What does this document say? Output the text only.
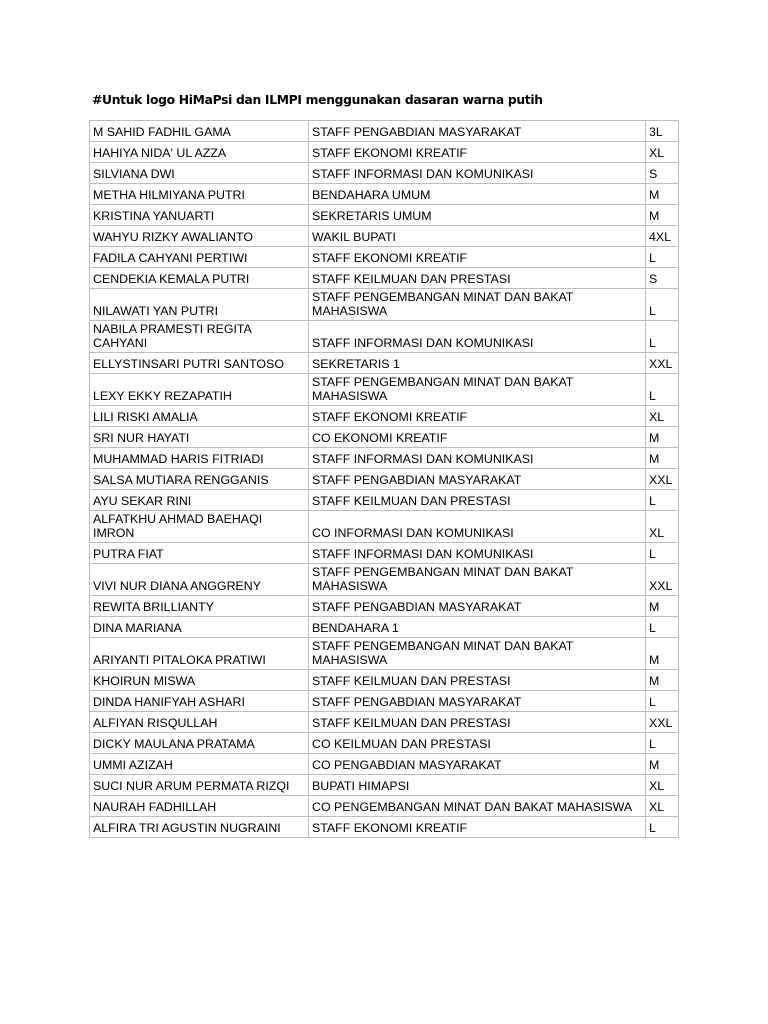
#Untuk logo HiMaPsi dan ILMPI menggunakan dasaran warna putih
M SAHID FADHIL GAMA	STAFF PENGABDIAN MASYARAKAT	3L
HAHIYA NIDA' UL AZZA	STAFF EKONOMI KREATIF	XL
SILVIANA DWI	STAFF INFORMASI DAN KOMUNIKASI	S
METHA HILMIYANA PUTRI	BENDAHARA UMUM	M
KRISTINA YANUARTI	SEKRETARIS UMUM	M
WAHYU RIZKY AWALIANTO	WAKIL BUPATI	4XL
FADILA CAHYANI PERTIWI	STAFF EKONOMI KREATIF	L
CENDEKIA KEMALA PUTRI	STAFF KEILMUAN DAN PRESTASI	S
NILAWATI YAN PUTRI	STAFF PENGEMBANGAN MINAT DAN BAKAT MAHASISWA	L
NABILA PRAMESTI REGITA CAHYANI	STAFF INFORMASI DAN KOMUNIKASI	L
ELLYSTINSARI PUTRI SANTOSO	SEKRETARIS 1	XXL
LEXY EKKY REZAPATIH	STAFF PENGEMBANGAN MINAT DAN BAKAT MAHASISWA	L
LILI RISKI AMALIA	STAFF EKONOMI KREATIF	XL
SRI NUR HAYATI	CO EKONOMI KREATIF	M
MUHAMMAD HARIS FITRIADI	STAFF INFORMASI DAN KOMUNIKASI	M
SALSA MUTIARA RENGGANIS	STAFF PENGABDIAN MASYARAKAT	XXL
AYU SEKAR RINI	STAFF KEILMUAN DAN PRESTASI	L
ALFATKHU AHMAD BAEHAQI IMRON	CO INFORMASI DAN KOMUNIKASI	XL
PUTRA FIAT	STAFF INFORMASI DAN KOMUNIKASI	L
VIVI NUR DIANA ANGGRENY	STAFF PENGEMBANGAN MINAT DAN BAKAT MAHASISWA	XXL
REWITA BRILLIANTY	STAFF PENGABDIAN MASYARAKAT	M
DINA MARIANA	BENDAHARA 1	L
ARIYANTI PITALOKA PRATIWI	STAFF PENGEMBANGAN MINAT DAN BAKAT MAHASISWA	M
KHOIRUN MISWA	STAFF KEILMUAN DAN PRESTASI	M
DINDA HANIFYAH ASHARI	STAFF PENGABDIAN MASYARAKAT	L
ALFIYAN RISQULLAH	STAFF KEILMUAN DAN PRESTASI	XXL
DICKY MAULANA PRATAMA	CO KEILMUAN DAN PRESTASI	L
UMMI AZIZAH	CO PENGABDIAN MASYARAKAT	M
SUCI NUR ARUM PERMATA RIZQI	BUPATI HIMAPSI	XL
NAURAH FADHILLAH	CO PENGEMBANGAN MINAT DAN BAKAT MAHASISWA	XL
ALFIRA TRI AGUSTIN NUGRAINI	STAFF EKONOMI KREATIF	L
